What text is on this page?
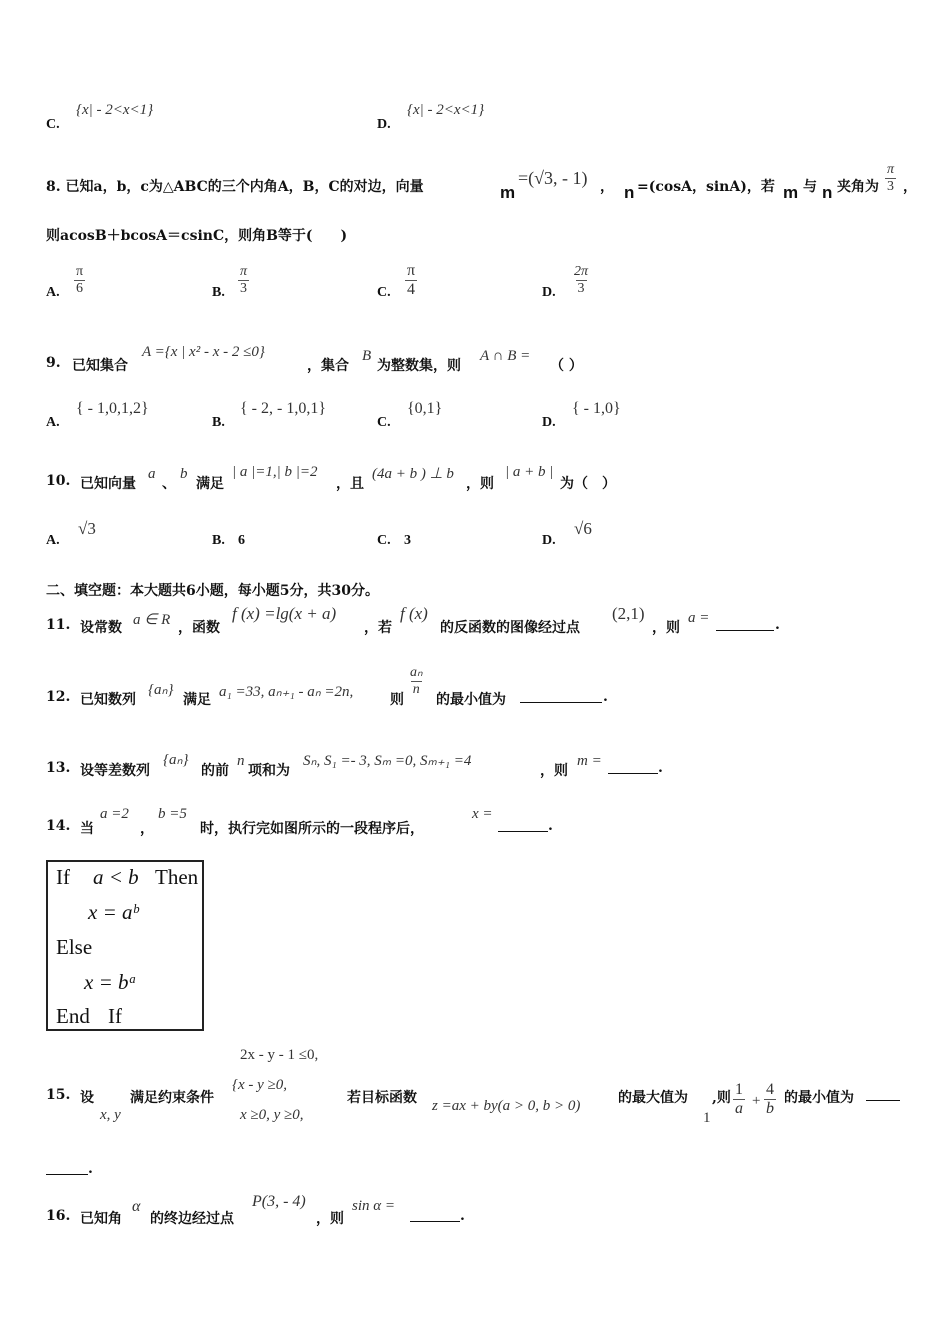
C.
{x| - 2<x<1}
D.
{x| - 2<x<1}
8. 已知a，b，c为△ABC的三个内角A，B，C的对边，向量	m
=(√3, - 1) ， n =(cosA，sinA)，若 m 与 n 夹角为 $\frac{\pi}{3}$ ，
则acosB＋bcosA＝csinC，则角B等于(　　)
A. $\frac{\pi}{6}$	B. $\frac{\pi}{3}$	C. $\frac{\pi}{4}$	D. $\frac{2\pi}{3}$
9. 已知集合
A ={x | x² - x - 2 ≤0}
，集合
B
为整数集，则
A ∩ B =
（ ）
A.
{ - 1,0,1,2}
B.
{ - 2, - 1,0,1}
C.
{0,1}
D.
{ - 1,0}
10. 已知向量
a
、
b
满足
| a |=1,| b |=2
，且
(4a + b ) ⊥ b
，则
| a + b |
为（　）
A.
√3
B. 6	C. 3	D.
√6
二、填空题：本大题共6小题，每小题5分，共30分。
11. 设常数 a ∈ R ，函数
f (x) =lg(x + a)
，若
f (x)
的反函数的图像经过点
(2,1)
，则
a =	.
12. 已知数列
{aₙ}
满足 a₁ =33, aₙ₊₁ - aₙ =2n,	则
$\frac{\text{aₙ}}{n}$
的最小值为	.
13. 设等差数列
{aₙ}
的前
n
项和为
Sₙ, S₁ =- 3, Sₘ =0, Sₘ₊₁ =4
，则
m =	.
14. 当
a =2
，
b =5
时，执行完如图所示的一段程序后，
x =
.
If a < b Then
x = aᵇ
Else
x = bᵃ
End If
2x - y - 1 ≤0,
15. 设
x, y
满足约束条件
{x - y ≥0,
x ≥0, y ≥0,
若目标函数 z =ax + by(a > 0, b > 0)	的最大值为
1
,则 $\frac{1}{a} + \frac{4}{b}$ 的最小值为
.
16. 已知角
α
的终边经过点
P(3, - 4)
，则
sin α =
.
